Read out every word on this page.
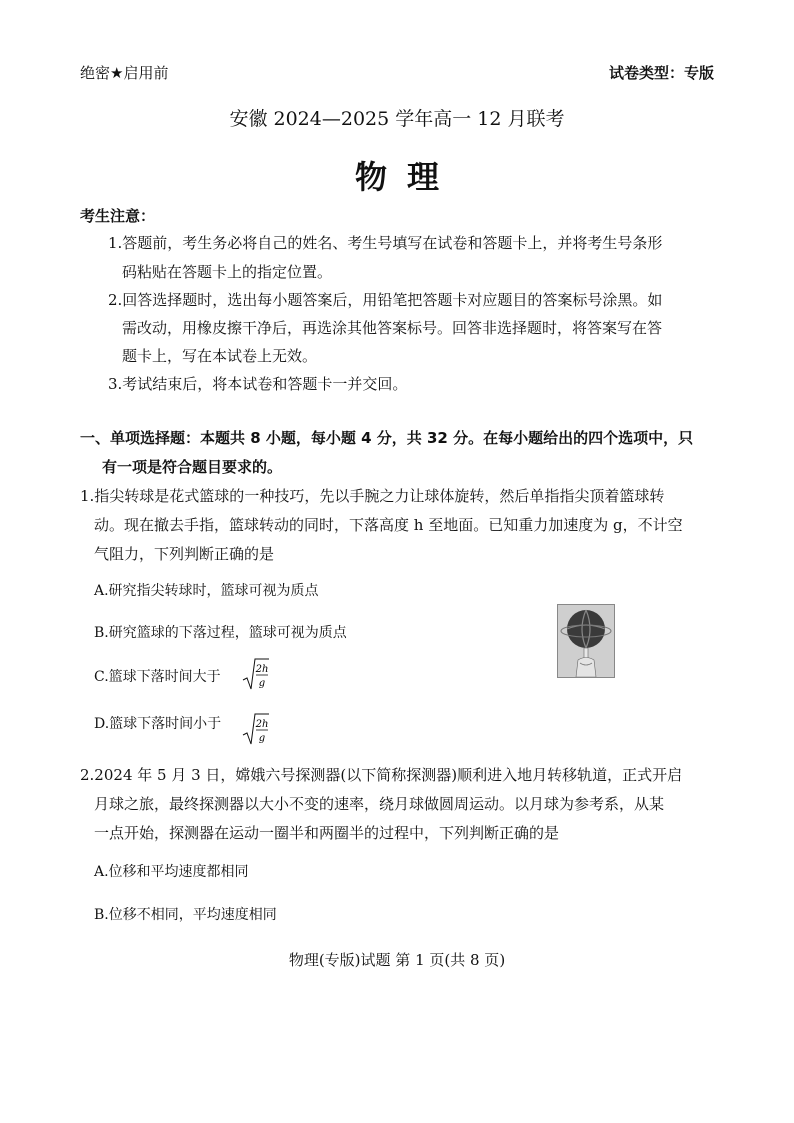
绝密★启用前	试卷类型：专版
安徽 2024—2025 学年高一 12 月联考
物理
考生注意：
1.答题前，考生务必将自己的姓名、考生号填写在试卷和答题卡上，并将考生号条形
码粘贴在答题卡上的指定位置。
2.回答选择题时，选出每小题答案后，用铅笔把答题卡对应题目的答案标号涂黑。如
需改动，用橡皮擦干净后，再选涂其他答案标号。回答非选择题时，将答案写在答
题卡上，写在本试卷上无效。
3.考试结束后，将本试卷和答题卡一并交回。
一、单项选择题：本题共 8 小题，每小题 4 分，共 32 分。在每小题给出的四个选项中，只
有一项是符合题目要求的。
1.指尖转球是花式篮球的一种技巧，先以手腕之力让球体旋转，然后单指指尖顶着篮球转
动。现在撤去手指，篮球转动的同时，下落高度 h 至地面。已知重力加速度为 g，不计空
气阻力，下列判断正确的是
A.研究指尖转球时，篮球可视为质点
B.研究篮球的下落过程，篮球可视为质点
C.篮球下落时间大于
D.篮球下落时间小于
2h
g
2h
g
2.2024 年 5 月 3 日，嫦娥六号探测器(以下简称探测器)顺利进入地月转移轨道，正式开启
月球之旅，最终探测器以大小不变的速率，绕月球做圆周运动。以月球为参考系，从某
一点开始，探测器在运动一圈半和两圈半的过程中，下列判断正确的是
A.位移和平均速度都相同
B.位移不相同，平均速度相同
物理(专版)试题 第 1 页(共 8 页)
